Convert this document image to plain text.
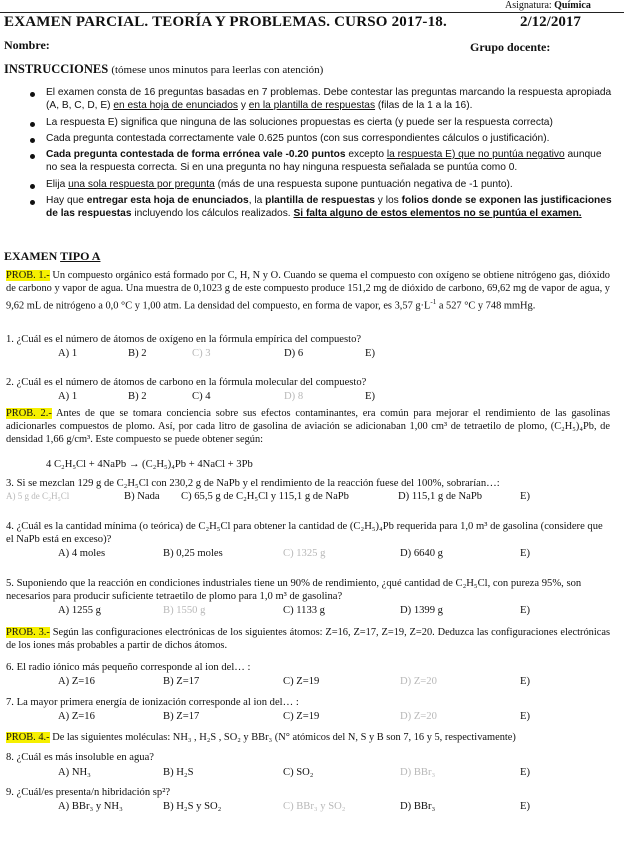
Asignatura: Química
EXAMEN PARCIAL. TEORÍA Y PROBLEMAS. CURSO 2017-18.	2/12/2017
Nombre:	Grupo docente:
INSTRUCCIONES (tómese unos minutos para leerlas con atención)
El examen consta de 16 preguntas basadas en 7 problemas. Debe contestar las preguntas marcando la respuesta apropiada (A, B, C, D, E) en esta hoja de enunciados y en la plantilla de respuestas (filas de la 1 a la 16).
La respuesta E) significa que ninguna de las soluciones propuestas es cierta (y puede ser la respuesta correcta)
Cada pregunta contestada correctamente vale 0.625 puntos (con sus correspondientes cálculos o justificación).
Cada pregunta contestada de forma errónea vale -0.20 puntos excepto la respuesta E) que no puntúa negativo aunque no sea la respuesta correcta. Si en una pregunta no hay ninguna respuesta señalada se puntúa como 0.
Elija una sola respuesta por pregunta (más de una respuesta supone puntuación negativa de -1 punto).
Hay que entregar esta hoja de enunciados, la plantilla de respuestas y los folios donde se exponen las justificaciones de las respuestas incluyendo los cálculos realizados. Si falta alguno de estos elementos no se puntúa el examen.
EXAMEN TIPO A
PROB. 1.- Un compuesto orgánico está formado por C, H, N y O. Cuando se quema el compuesto con oxígeno se obtiene nitrógeno gas, dióxido de carbono y vapor de agua. Una muestra de 0,1023 g de este compuesto produce 151,2 mg de dióxido de carbono, 69,62 mg de vapor de agua, y 9,62 mL de nitrógeno a 0,0 °C y 1,00 atm. La densidad del compuesto, en forma de vapor, es 3,57 $g\cdot L^{-1}$ a 527 °C y 748 mmHg.
1. ¿Cuál es el número de átomos de oxígeno en la fórmula empírica del compuesto?
A) 1	B) 2	C) 3	D) 6	E)
2. ¿Cuál es el número de átomos de carbono en la fórmula molecular del compuesto?
A) 1	B) 2	C) 4	D) 8	E)
PROB. 2.- Antes de que se tomara conciencia sobre sus efectos contaminantes, era común para mejorar el rendimiento de las gasolinas adicionarles compuestos de plomo. Así, por cada litro de gasolina de aviación se adicionaban 1,00 cm³ de tetraetilo de plomo, (C₂H₅)₄Pb, de densidad 1,66 g/cm³. Este compuesto se puede obtener según:
4 C₂H₅Cl + 4NaPb → (C₂H₅)₄Pb + 4NaCl + 3Pb
3. Si se mezclan 129 g de C₂H₅Cl con 230,2 g de NaPb y el rendimiento de la reacción fuese del 100%, sobrarían…:
A) 5 g de C₂H₅Cl	B) Nada C) 65,5 g de C₂H₅Cl y 115,1 g de NaPb	D) 115,1 g de NaPb	E)
4. ¿Cuál es la cantidad mínima (o teórica) de C₂H₅Cl para obtener la cantidad de (C₂H₅)₄Pb requerida para 1,0 m³ de gasolina (considere que el NaPb está en exceso)?
A) 4 moles	B) 0,25 moles	C) 1325 g	D) 6640 g	E)
5. Suponiendo que la reacción en condiciones industriales tiene un 90% de rendimiento, ¿qué cantidad de C₂H₅Cl, con pureza 95%, son necesarios para producir suficiente tetraetilo de plomo para 1,0 m³ de gasolina?
A) 1255 g	B) 1550 g	C) 1133 g	D) 1399 g	E)
PROB. 3.- Según las configuraciones electrónicas de los siguientes átomos: Z=16, Z=17, Z=19, Z=20. Deduzca las configuraciones electrónicas de los iones más probables a partir de dichos átomos.
6. El radio iónico más pequeño corresponde al ion del… :
A) Z=16	B) Z=17	C) Z=19	D) Z=20	E)
7. La mayor primera energía de ionización corresponde al ion del… :
A) Z=16	B) Z=17	C) Z=19	D) Z=20	E)
PROB. 4.- De las siguientes moléculas: NH₃ , H₂S , SO₂ y BBr₃ (N° atómicos del N, S y B son 7, 16 y 5, respectivamente)
8. ¿Cuál es más insoluble en agua?
A) NH₃	B) H₂S	C) SO₂	D) BBr₃	E)
9. ¿Cuál/es presenta/n hibridación sp²?
A) BBr₃ y NH₃	B) H₂S y SO₂	C) BBr₃ y SO₂	D) BBr₃	E)
